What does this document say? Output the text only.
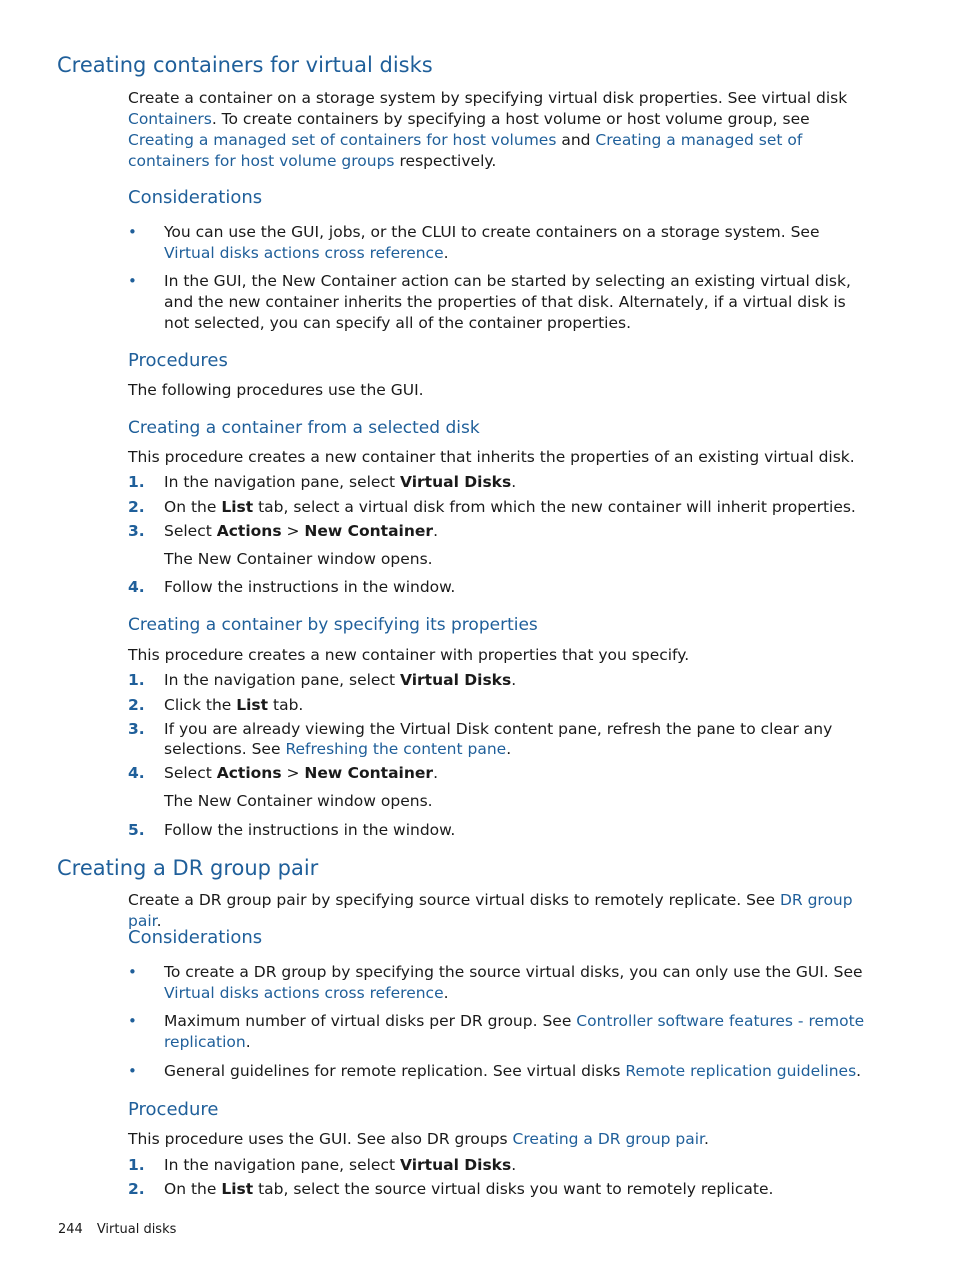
Creating containers for virtual disks

Create a container on a storage system by specifying virtual disk properties. See virtual disk Containers. To create containers by specifying a host volume or host volume group, see Creating a managed set of containers for host volumes and Creating a managed set of containers for host volume groups respectively.

Considerations
• You can use the GUI, jobs, or the CLUI to create containers on a storage system. See Virtual disks actions cross reference.

• In the GUI, the New Container action can be started by selecting an existing virtual disk, and the new container inherits the properties of that disk. Alternately, if a virtual disk is not selected, you can specify all of the container properties.

Procedures

The following procedures use the GUI.

Creating a container from a selected disk

This procedure creates a new container that inherits the properties of an existing virtual disk.

1. In the navigation pane, select Virtual Disks.

2. On the List tab, select a virtual disk from which the new container will inherit properties.

3. Select Actions > New Container.

The New Container window opens.

4. Follow the instructions in the window.

Creating a container by specifying its properties

This procedure creates a new container with properties that you specify.

1. In the navigation pane, select Virtual Disks.

2. Click the List tab.

3. If you are already viewing the Virtual Disk content pane, refresh the pane to clear any selections. See Refreshing the content pane.

4. Select Actions > New Container.

The New Container window opens.

5. Follow the instructions in the window.

Creating a DR group pair

Create a DR group pair by specifying source virtual disks to remotely replicate. See DR group pair.

Considerations
• To create a DR group by specifying the source virtual disks, you can only use the GUI. See Virtual disks actions cross reference.

• Maximum number of virtual disks per DR group. See Controller software features - remote replication.

• General guidelines for remote replication. See virtual disks Remote replication guidelines.

Procedure

This procedure uses the GUI. See also DR groups Creating a DR group pair.

1. In the navigation pane, select Virtual Disks.

2. On the List tab, select the source virtual disks you want to remotely replicate.

244 Virtual disks
